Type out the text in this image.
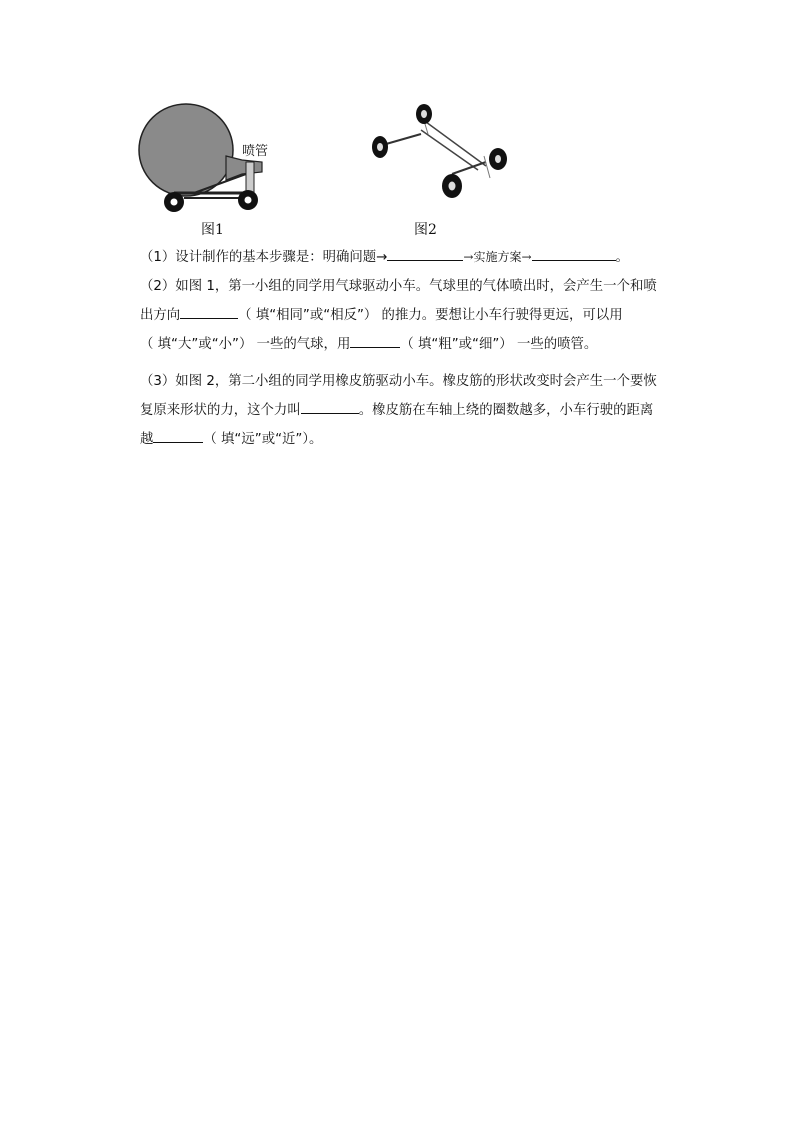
喷管
图1	图2
（1）设计制作的基本步骤是：明确问题→	→实施方案→	。
（2）如图 1，第一小组的同学用气球驱动小车。气球里的气体喷出时，会产生一个和喷
出方向	（ 填“相同”或“相反”） 的推力。要想让小车行驶得更远，可以用
（ 填“大”或“小”） 一些的气球，用	（ 填“粗”或“细”） 一些的喷管。
（3）如图 2，第二小组的同学用橡皮筋驱动小车。橡皮筋的形状改变时会产生一个要恢
复原来形状的力，这个力叫	。橡皮筋在车轴上绕的圈数越多，小车行驶的距离
越	（ 填“远”或“近”）。
